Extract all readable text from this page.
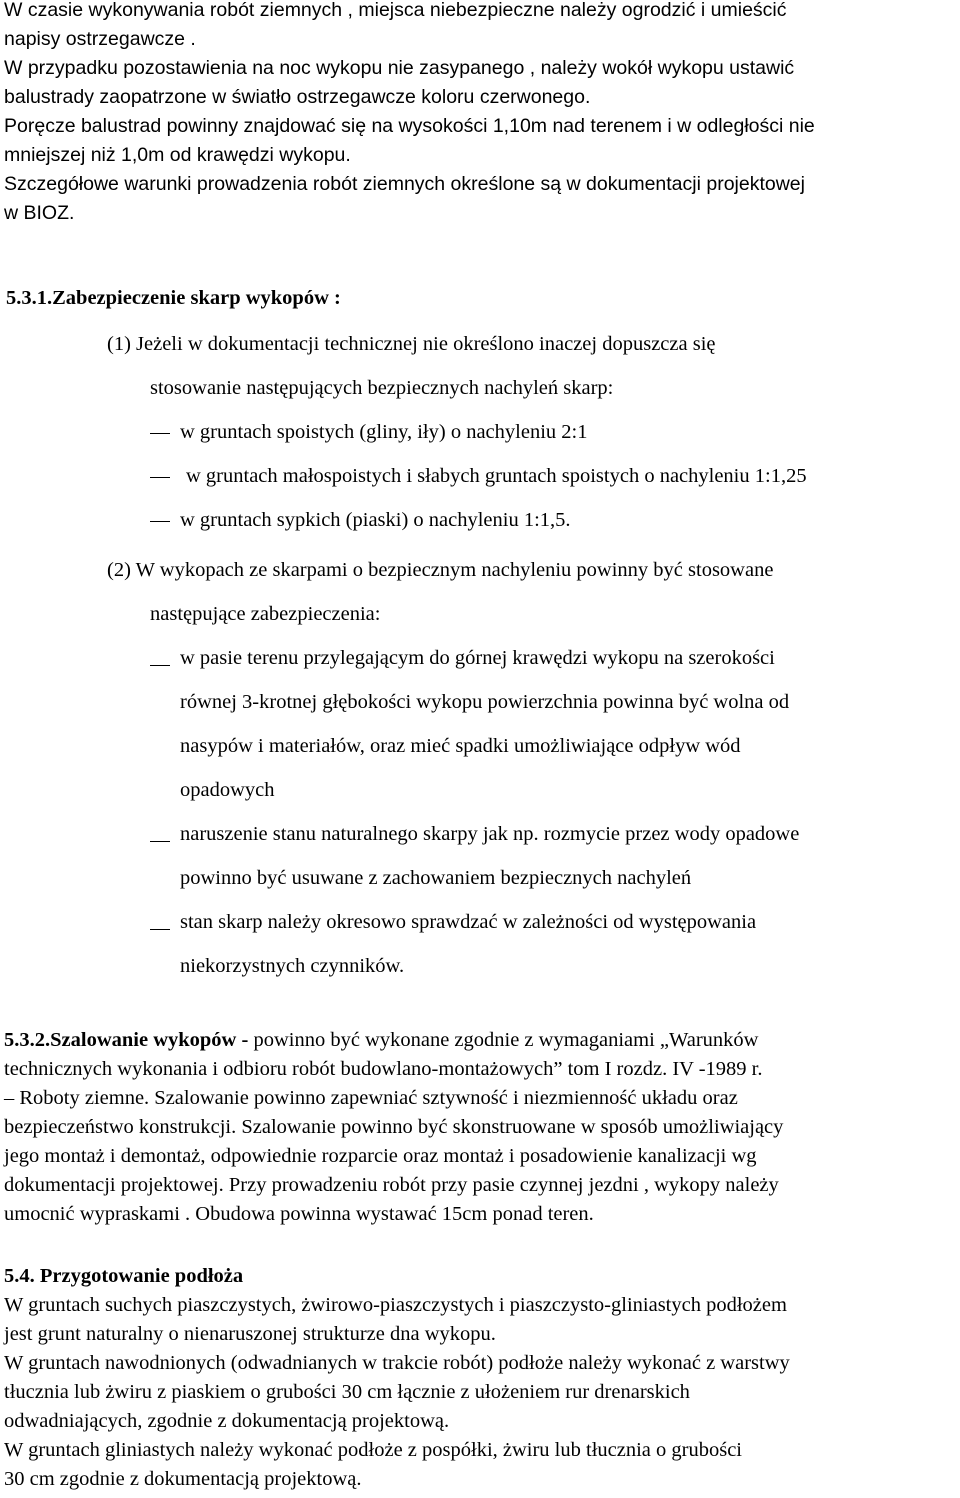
W czasie wykonywania robót ziemnych , miejsca niebezpieczne należy ogrodzić i umieścić
napisy ostrzegawcze .
W przypadku pozostawienia na noc wykopu nie zasypanego , należy wokół wykopu ustawić
balustrady zaopatrzone w światło ostrzegawcze koloru czerwonego.
Poręcze balustrad powinny znajdować się na wysokości 1,10m nad terenem i w odległości nie
mniejszej niż 1,0m od krawędzi wykopu.
Szczegółowe warunki prowadzenia robót ziemnych określone są w dokumentacji projektowej
w BIOZ.
5.3.1.Zabezpieczenie skarp wykopów :
(1) Jeżeli w dokumentacji technicznej nie określono inaczej dopuszcza się
stosowanie następujących bezpiecznych nachyleń skarp:
w gruntach spoistych (gliny, iły) o nachyleniu 2:1
w gruntach małospoistych i słabych gruntach spoistych o nachyleniu 1:1,25
w gruntach sypkich (piaski) o nachyleniu 1:1,5.
(2) W wykopach ze skarpami o bezpiecznym nachyleniu powinny być stosowane
następujące zabezpieczenia:
w pasie terenu przylegającym do górnej krawędzi wykopu na szerokości
równej 3-krotnej głębokości wykopu powierzchnia powinna być wolna od
nasypów i materiałów, oraz mieć spadki umożliwiające odpływ wód
opadowych
naruszenie stanu naturalnego skarpy jak np. rozmycie przez wody opadowe
powinno być usuwane z zachowaniem bezpiecznych nachyleń
stan skarp należy okresowo sprawdzać w zależności od występowania
niekorzystnych czynników.
5.3.2.Szalowanie wykopów - powinno być wykonane zgodnie z wymaganiami „Warunków
technicznych wykonania i odbioru robót budowlano-montażowych” tom I rozdz. IV -1989 r.
– Roboty ziemne. Szalowanie powinno zapewniać sztywność i niezmienność układu oraz
bezpieczeństwo konstrukcji. Szalowanie powinno być skonstruowane w sposób umożliwiający
jego montaż i demontaż, odpowiednie rozparcie oraz montaż i posadowienie kanalizacji wg
dokumentacji projektowej. Przy prowadzeniu robót przy pasie czynnej jezdni , wykopy należy
umocnić wypraskami . Obudowa powinna wystawać 15cm ponad teren.
5.4. Przygotowanie podłoża
W gruntach suchych piaszczystych, żwirowo-piaszczystych i piaszczysto-gliniastych podłożem
jest grunt naturalny o nienaruszonej strukturze dna wykopu.
W gruntach nawodnionych (odwadnianych w trakcie robót) podłoże należy wykonać z warstwy
tłucznia lub żwiru z piaskiem o grubości 30 cm łącznie z ułożeniem rur drenarskich
odwadniających, zgodnie z dokumentacją projektową.
W gruntach gliniastych należy wykonać podłoże z pospółki, żwiru lub tłucznia o grubości
30 cm zgodnie z dokumentacją projektową.
